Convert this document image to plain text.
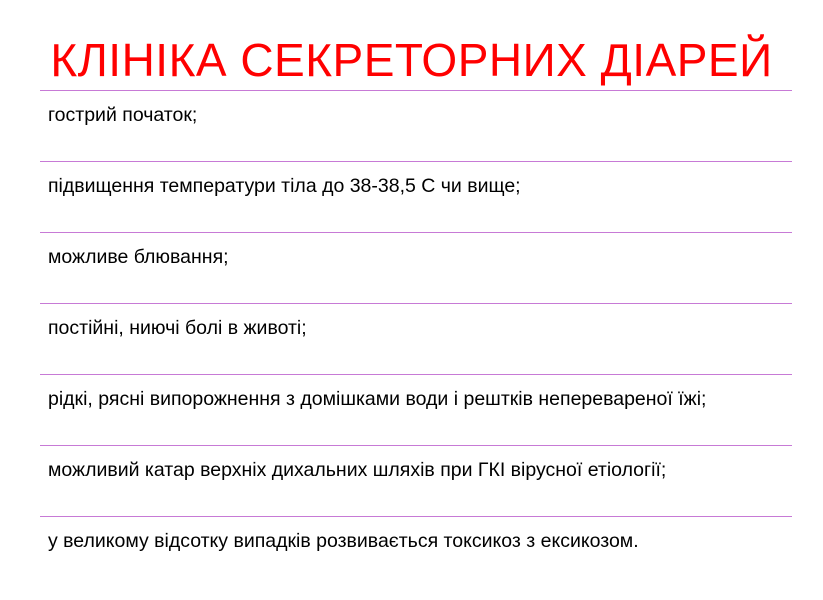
КЛІНІКА СЕКРЕТОРНИХ ДІАРЕЙ
гострий початок;
підвищення температури тіла до 38-38,5 С чи вище;
можливе блювання;
постійні, ниючі болі в животі;
рідкі, рясні випорожнення з домішками води і рештків неперевареної їжі;
можливий катар верхніх дихальних шляхів при ГКІ вірусної етіології;
у великому відсотку випадків розвивається токсикоз з ексикозом.
